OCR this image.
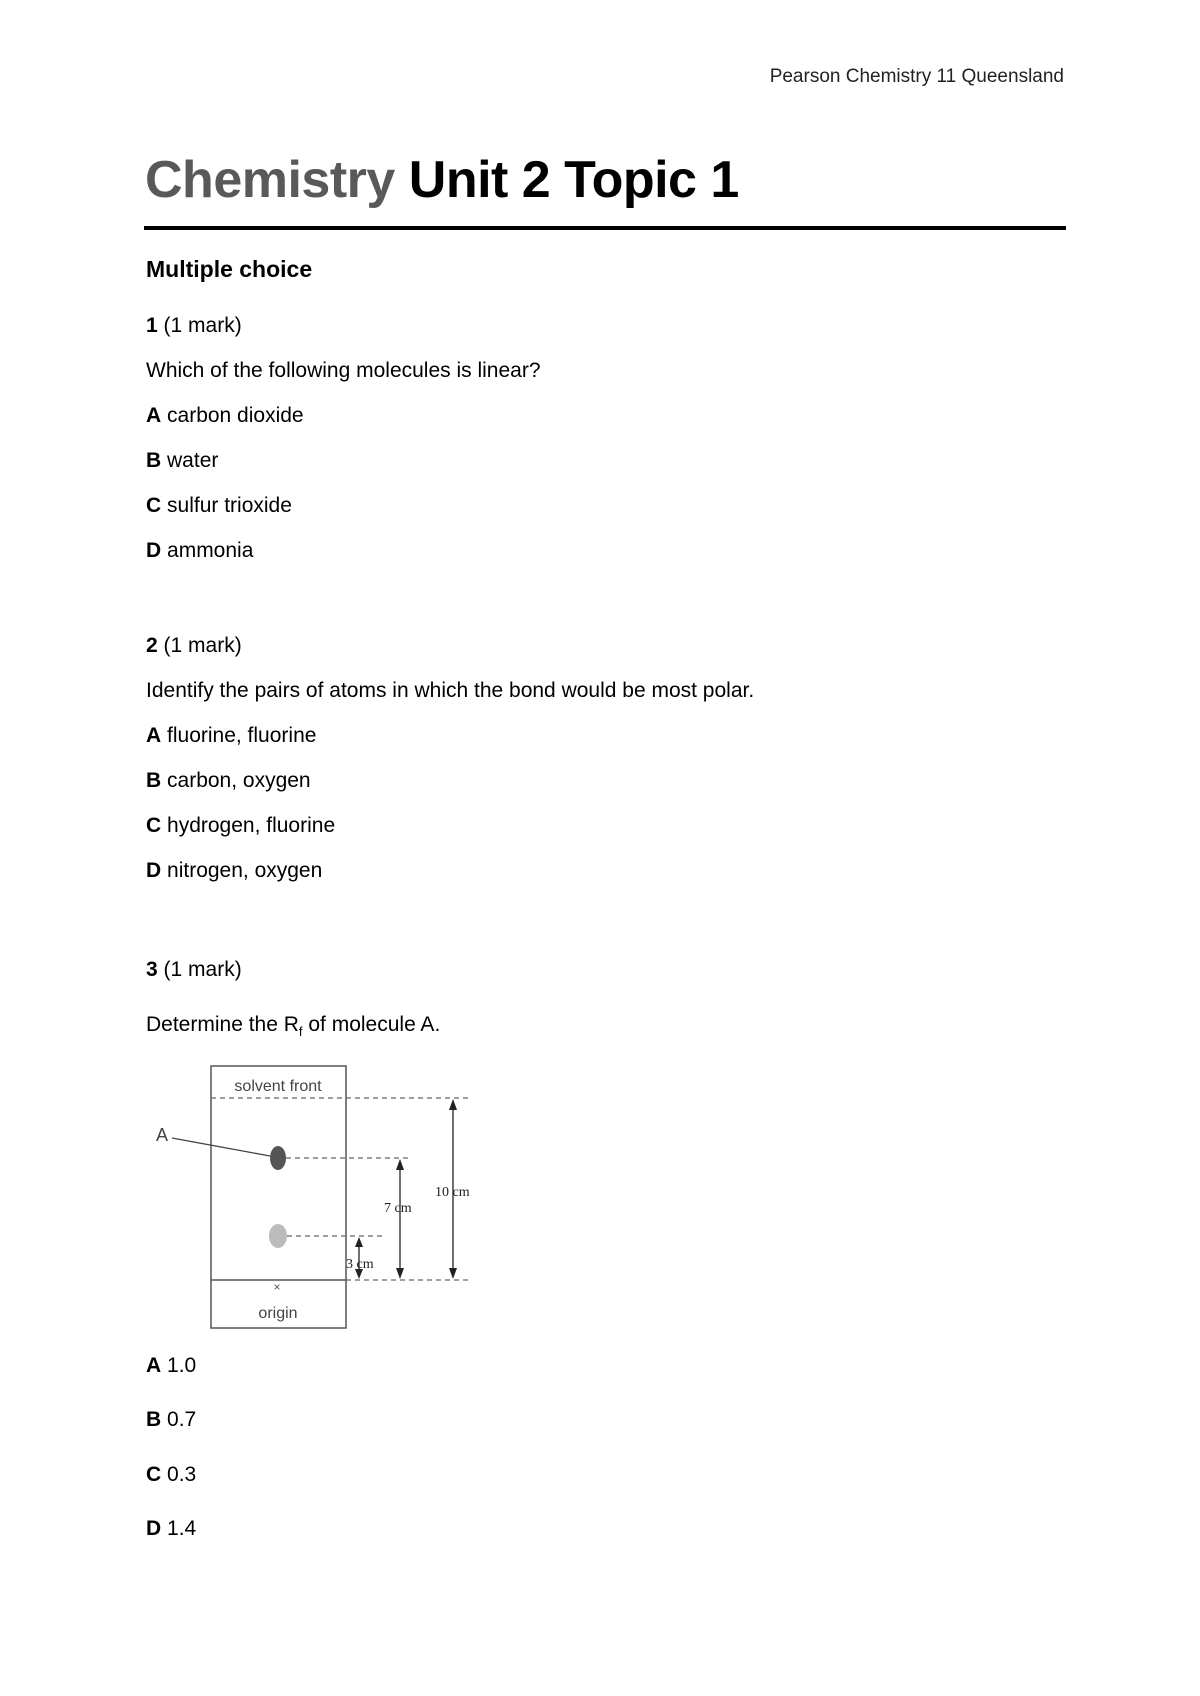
Pearson Chemistry 11 Queensland
Chemistry Unit 2 Topic 1
Multiple choice

1 (1 mark)

Which of the following molecules is linear?

A carbon dioxide

B water

C sulfur trioxide

D ammonia

2 (1 mark)

Identify the pairs of atoms in which the bond would be most polar.

A fluorine, fluorine

B carbon, oxygen

C hydrogen, fluorine

D nitrogen, oxygen

3 (1 mark)

Determine the $R_f$ of molecule A.

solvent front
origin
×
A
10 cm
7 cm
3 cm

A 1.0

B 0.7

C 0.3

D 1.4
